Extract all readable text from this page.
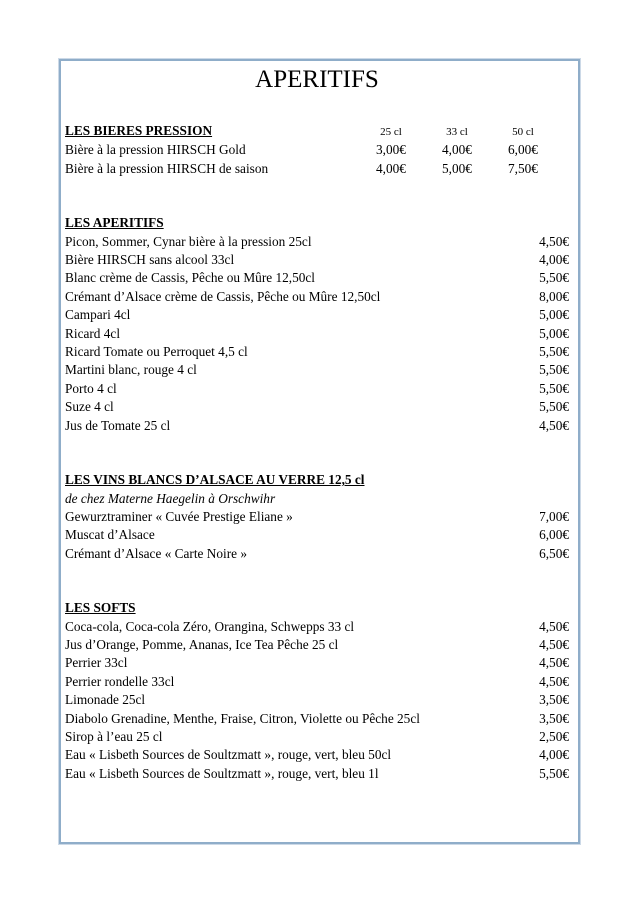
APERITIFS
LES BIERES PRESSION	25 cl	33 cl	50 cl
Bière à la pression HIRSCH Gold	3,00€	4,00€	6,00€
Bière à la pression HIRSCH de saison	4,00€	5,00€	7,50€
LES APERITIFS
Picon, Sommer, Cynar bière à la pression 25cl	4,50€
Bière HIRSCH sans alcool 33cl	4,00€
Blanc crème de Cassis, Pêche ou Mûre 12,50cl	5,50€
Crémant d’Alsace crème de Cassis, Pêche ou Mûre 12,50cl	8,00€
Campari 4cl	5,00€
Ricard 4cl	5,00€
Ricard Tomate ou Perroquet 4,5 cl	5,50€
Martini blanc, rouge 4 cl	5,50€
Porto 4 cl	5,50€
Suze 4 cl	5,50€
Jus de Tomate 25 cl	4,50€
LES VINS BLANCS D’ALSACE AU VERRE 12,5 cl
de chez Materne Haegelin à Orschwihr
Gewurztraminer « Cuvée Prestige Eliane »	7,00€
Muscat d’Alsace	6,00€
Crémant d’Alsace « Carte Noire »	6,50€
LES SOFTS
Coca-cola, Coca-cola Zéro, Orangina, Schwepps 33 cl	4,50€
Jus d’Orange, Pomme, Ananas, Ice Tea Pêche 25 cl	4,50€
Perrier 33cl	4,50€
Perrier rondelle 33cl	4,50€
Limonade 25cl	3,50€
Diabolo Grenadine, Menthe, Fraise, Citron, Violette ou Pêche 25cl	3,50€
Sirop à l’eau 25 cl	2,50€
Eau « Lisbeth Sources de Soultzmatt », rouge, vert, bleu 50cl	4,00€
Eau « Lisbeth Sources de Soultzmatt », rouge, vert, bleu 1l	5,50€
